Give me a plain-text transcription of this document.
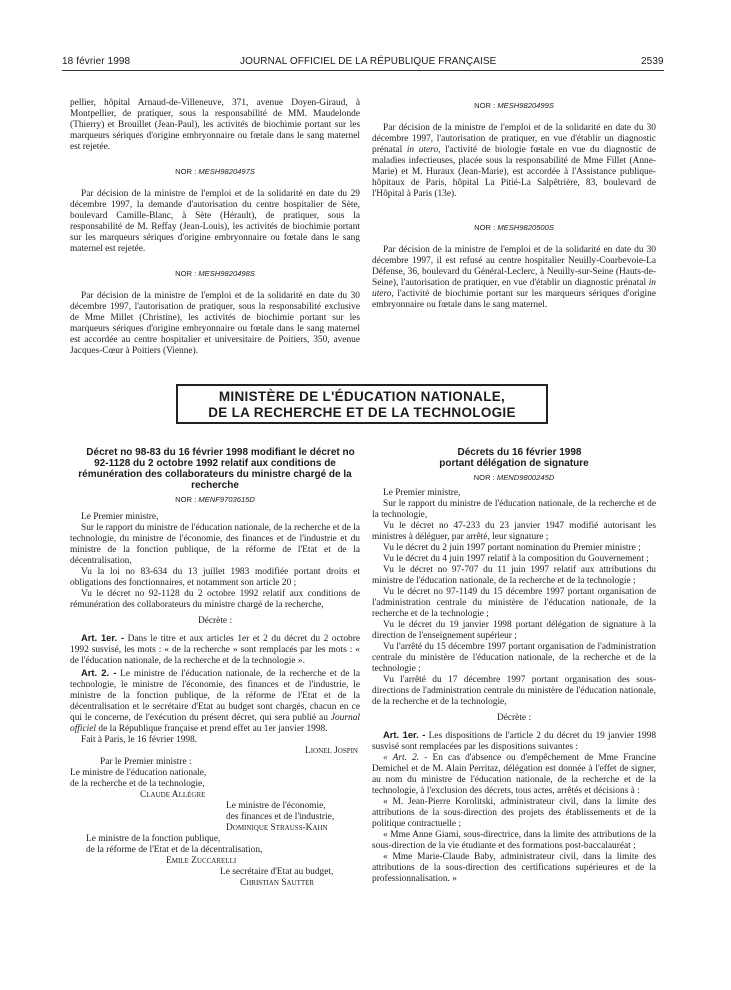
18 février 1998	JOURNAL OFFICIEL DE LA RÉPUBLIQUE FRANÇAISE	2539

pellier, hôpital Arnaud-de-Villeneuve, 371, avenue Doyen-Giraud, à Montpellier, de pratiquer, sous la responsabilité de MM. Maudelonde (Thierry) et Brouillet (Jean-Paul), les activités de biochimie portant sur les marqueurs sériques d'origine embryonnaire ou fœtale dans le sang maternel est rejetée.

NOR : MESH9820497S

Par décision de la ministre de l'emploi et de la solidarité en date du 29 décembre 1997, la demande d'autorisation du centre hospitalier de Sète, boulevard Camille-Blanc, à Sète (Hérault), de pratiquer, sous la responsabilité de M. Reffay (Jean-Louis), les activités de biochimie portant sur les marqueurs sériques d'origine embryonnaire ou fœtale dans le sang maternel est rejetée.

NOR : MESH9820498S

Par décision de la ministre de l'emploi et de la solidarité en date du 30 décembre 1997, l'autorisation de pratiquer, sous la responsabilité exclusive de Mme Millet (Christine), les activités de biochimie portant sur les marqueurs sériques d'origine embryonnaire ou fœtale dans le sang maternel est accordée au centre hospitalier et universitaire de Poitiers, 350, avenue Jacques-Cœur à Poitiers (Vienne).

NOR : MESH9820499S

Par décision de la ministre de l'emploi et de la solidarité en date du 30 décembre 1997, l'autorisation de pratiquer, en vue d'établir un diagnostic prénatal in utero, l'activité de biologie fœtale en vue du diagnostic de maladies infectieuses, placée sous la responsabilité de Mme Fillet (Anne-Marie) et M. Huraux (Jean-Marie), est accordée à l'Assistance publique-hôpitaux de Paris, hôpital La Pitié-La Salpêtrière, 83, boulevard de l'Hôpital à Paris (13e).

NOR : MESH9820500S

Par décision de la ministre de l'emploi et de la solidarité en date du 30 décembre 1997, il est refusé au centre hospitalier Neuilly-Courbevoie-La Défense, 36, boulevard du Général-Leclerc, à Neuilly-sur-Seine (Hauts-de-Seine), l'autorisation de pratiquer, en vue d'établir un diagnostic prénatal in utero, l'activité de biochimie portant sur les marqueurs sériques d'origine embryonnaire ou fœtale dans le sang maternel.

MINISTÈRE DE L'ÉDUCATION NATIONALE,
DE LA RECHERCHE ET DE LA TECHNOLOGIE

Décret no 98-83 du 16 février 1998 modifiant le décret no 92-1128 du 2 octobre 1992 relatif aux conditions de rémunération des collaborateurs du ministre chargé de la recherche

NOR : MENF9703615D

Le Premier ministre,

Sur le rapport du ministre de l'éducation nationale, de la recherche et de la technologie, du ministre de l'économie, des finances et de l'industrie et du ministre de la fonction publique, de la réforme de l'Etat et de la décentralisation,

Vu la loi no 83-634 du 13 juillet 1983 modifiée portant droits et obligations des fonctionnaires, et notamment son article 20 ;

Vu le décret no 92-1128 du 2 octobre 1992 relatif aux conditions de rémunération des collaborateurs du ministre chargé de la recherche,

Décrète :

Art. 1er. - Dans le titre et aux articles 1er et 2 du décret du 2 octobre 1992 susvisé, les mots : « de la recherche » sont remplacés par les mots : « de l'éducation nationale, de la recherche et de la technologie ».

Art. 2. - Le ministre de l'éducation nationale, de la recherche et de la technologie, le ministre de l'économie, des finances et de l'industrie, le ministre de la fonction publique, de la réforme de l'Etat et de la décentralisation et le secrétaire d'Etat au budget sont chargés, chacun en ce qui le concerne, de l'exécution du présent décret, qui sera publié au Journal officiel de la République française et prend effet au 1er janvier 1998.

Fait à Paris, le 16 février 1998.

Lionel Jospin
Par le Premier ministre :
Le ministre de l'éducation nationale,
de la recherche et de la technologie,
Claude Allègre
Le ministre de l'économie,
des finances et de l'industrie,
Dominique Strauss-Kahn
Le ministre de la fonction publique,
de la réforme de l'Etat et de la décentralisation,
Emile Zuccarelli
Le secrétaire d'Etat au budget,
Christian Sautter

Décrets du 16 février 1998
portant délégation de signature

NOR : MEND9800245D

Le Premier ministre,

Sur le rapport du ministre de l'éducation nationale, de la recherche et de la technologie,

Vu le décret no 47-233 du 23 janvier 1947 modifié autorisant les ministres à déléguer, par arrêté, leur signature ;

Vu le décret du 2 juin 1997 portant nomination du Premier ministre ;

Vu le décret du 4 juin 1997 relatif à la composition du Gouvernement ;

Vu le décret no 97-707 du 11 juin 1997 relatif aux attributions du ministre de l'éducation nationale, de la recherche et de la technologie ;

Vu le décret no 97-1149 du 15 décembre 1997 portant organisation de l'administration centrale du ministère de l'éducation nationale, de la recherche et de la technologie ;

Vu le décret du 19 janvier 1998 portant délégation de signature à la direction de l'enseignement supérieur ;

Vu l'arrêté du 15 décembre 1997 portant organisation de l'administration centrale du ministère de l'éducation nationale, de la recherche et de la technologie ;

Vu l'arrêté du 17 décembre 1997 portant organisation des sous-directions de l'administration centrale du ministère de l'éducation nationale, de la recherche et de la technologie,

Décrète :

Art. 1er. - Les dispositions de l'article 2 du décret du 19 janvier 1998 susvisé sont remplacées par les dispositions suivantes :

« Art. 2. - En cas d'absence ou d'empêchement de Mme Francine Demichel et de M. Alain Perritaz, délégation est donnée à l'effet de signer, au nom du ministre de l'éducation nationale, de la recherche et de la technologie, à l'exclusion des décrets, tous actes, arrêtés et décisions à :

« M. Jean-Pierre Korolitski, administrateur civil, dans la limite des attributions de la sous-direction des projets des établissements et de la politique contractuelle ;

« Mme Anne Giami, sous-directrice, dans la limite des attributions de la sous-direction de la vie étudiante et des formations post-baccalauréat ;

« Mme Marie-Claude Baby, administrateur civil, dans la limite des attributions de la sous-direction des certifications supérieures et de la professionnalisation. »
